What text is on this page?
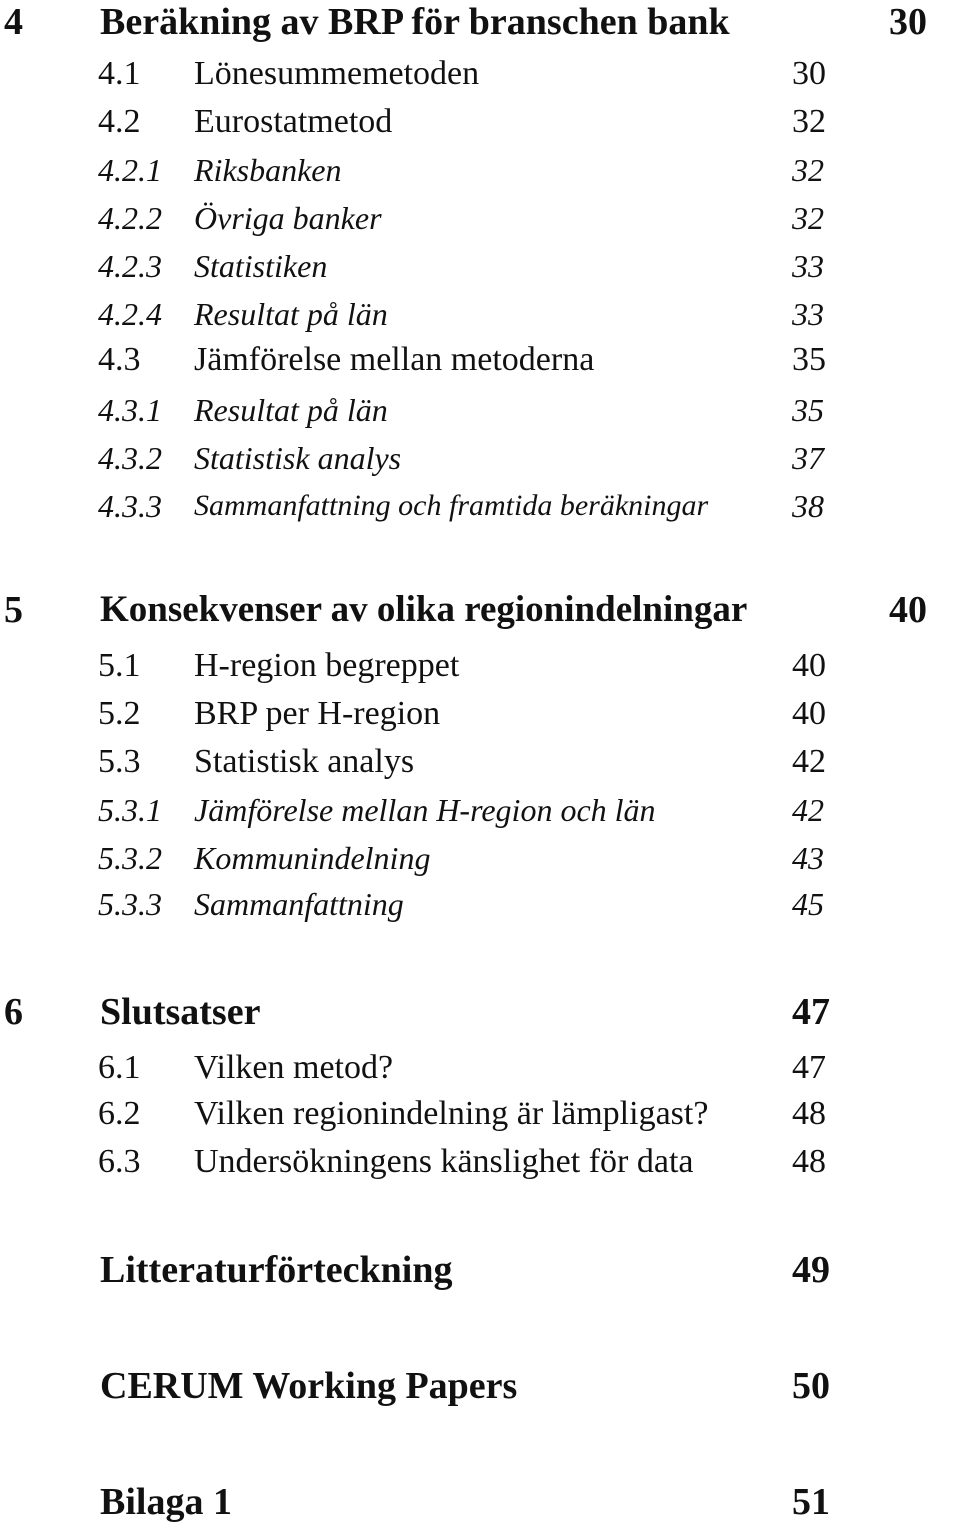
4 Beräkning av BRP för branschen bank	30
4.1 Lönesummemetoden	30
4.2 Eurostatmetod	32
4.2.1 Riksbanken	32
4.2.2 Övriga banker	32
4.2.3 Statistiken	33
4.2.4 Resultat på län	33
4.3 Jämförelse mellan metoderna	35
4.3.1 Resultat på län	35
4.3.2 Statistisk analys	37
4.3.3 Sammanfattning och framtida beräkningar	38
5 Konsekvenser av olika regionindelningar	40
5.1 H-region begreppet	40
5.2 BRP per H-region	40
5.3 Statistisk analys	42
5.3.1 Jämförelse mellan H-region och län	42
5.3.2 Kommunindelning	43
5.3.3 Sammanfattning	45
6 Slutsatser	47
6.1 Vilken metod?	47
6.2 Vilken regionindelning är lämpligast? 48
6.3 Undersökningens känslighet för data	48
Litteraturförteckning	49
CERUM Working Papers	50
Bilaga 1	51
